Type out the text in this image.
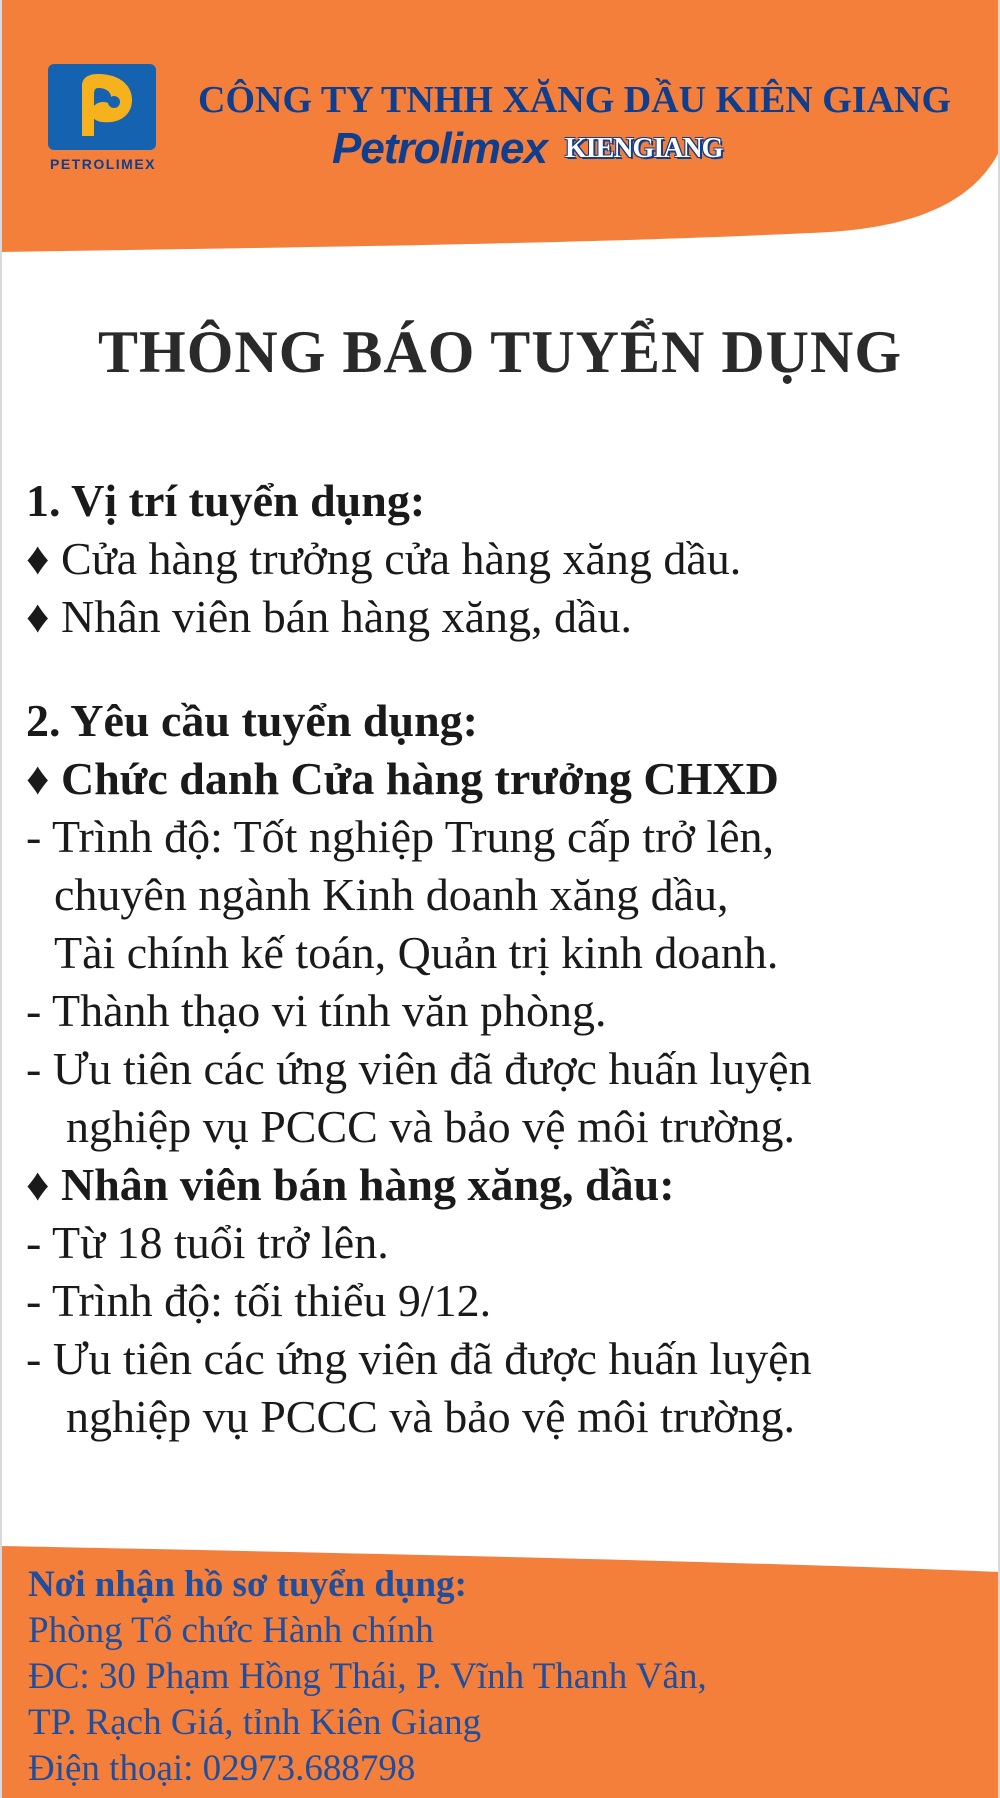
PETROLIMEX
CÔNG TY TNHH XĂNG DẦU KIÊN GIANG
Petrolimex KIENGIANG
THÔNG BÁO TUYỂN DỤNG
1. Vị trí tuyển dụng:
♦ Cửa hàng trưởng cửa hàng xăng dầu.
♦ Nhân viên bán hàng xăng, dầu.
2. Yêu cầu tuyển dụng:
♦ Chức danh Cửa hàng trưởng CHXD
- Trình độ: Tốt nghiệp Trung cấp trở lên,
chuyên ngành Kinh doanh xăng dầu,
Tài chính kế toán, Quản trị kinh doanh.
- Thành thạo vi tính văn phòng.
- Ưu tiên các ứng viên đã được huấn luyện
nghiệp vụ PCCC và bảo vệ môi trường.
♦ Nhân viên bán hàng xăng, dầu:
- Từ 18 tuổi trở lên.
- Trình độ: tối thiểu 9/12.
- Ưu tiên các ứng viên đã được huấn luyện
nghiệp vụ PCCC và bảo vệ môi trường.
Nơi nhận hồ sơ tuyển dụng:
Phòng Tổ chức Hành chính
ĐC: 30 Phạm Hồng Thái, P. Vĩnh Thanh Vân,
TP. Rạch Giá, tỉnh Kiên Giang
Điện thoại: 02973.688798
